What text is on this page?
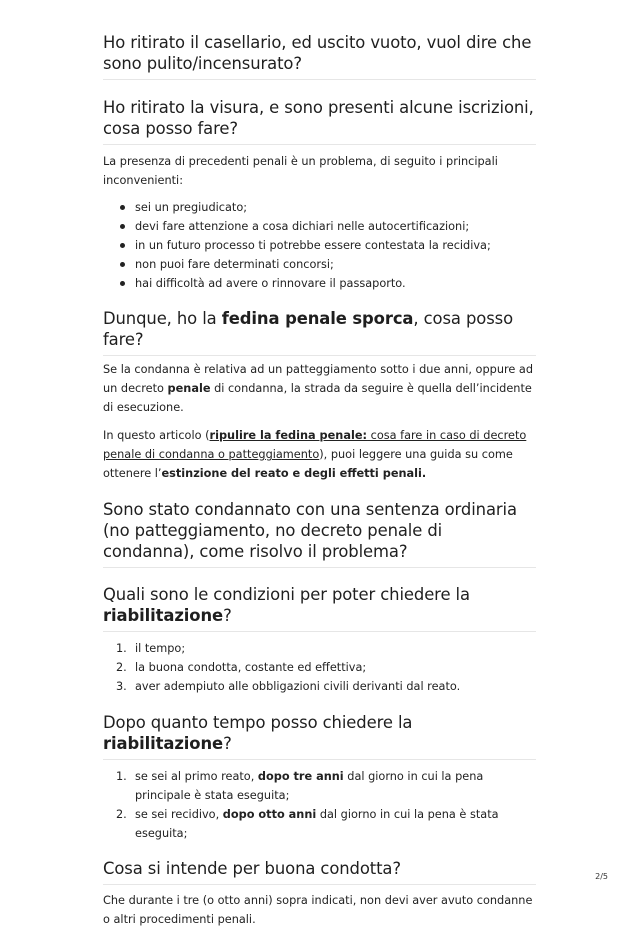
Ho ritirato il casellario, ed uscito vuoto, vuol dire che sono pulito/incensurato?
Ho ritirato la visura, e sono presenti alcune iscrizioni, cosa posso fare?

La presenza di precedenti penali è un problema, di seguito i principali inconvenienti:

sei un pregiudicato;
devi fare attenzione a cosa dichiari nelle autocertificazioni;
in un futuro processo ti potrebbe essere contestata la recidiva;
non puoi fare determinati concorsi;
hai difficoltà ad avere o rinnovare il passaporto.
Dunque, ho la fedina penale sporca, cosa posso fare?

Se la condanna è relativa ad un patteggiamento sotto i due anni, oppure ad un decreto penale di condanna, la strada da seguire è quella dell’incidente di esecuzione.

In questo articolo (ripulire la fedina penale: cosa fare in caso di decreto penale di condanna o patteggiamento), puoi leggere una guida su come ottenere l’estinzione del reato e degli effetti penali.

Sono stato condannato con una sentenza ordinaria (no patteggiamento, no decreto penale di condanna), come risolvo il problema?
Quali sono le condizioni per poter chiedere la riabilitazione?
1. il tempo;
2. la buona condotta, costante ed effettiva;
3. aver adempiuto alle obbligazioni civili derivanti dal reato.
Dopo quanto tempo posso chiedere la riabilitazione?
1. se sei al primo reato, dopo tre anni dal giorno in cui la pena principale è stata eseguita;
2. se sei recidivo, dopo otto anni dal giorno in cui la pena è stata eseguita;
Cosa si intende per buona condotta?

Che durante i tre (o otto anni) sopra indicati, non devi aver avuto condanne o altri procedimenti penali.

2/5
